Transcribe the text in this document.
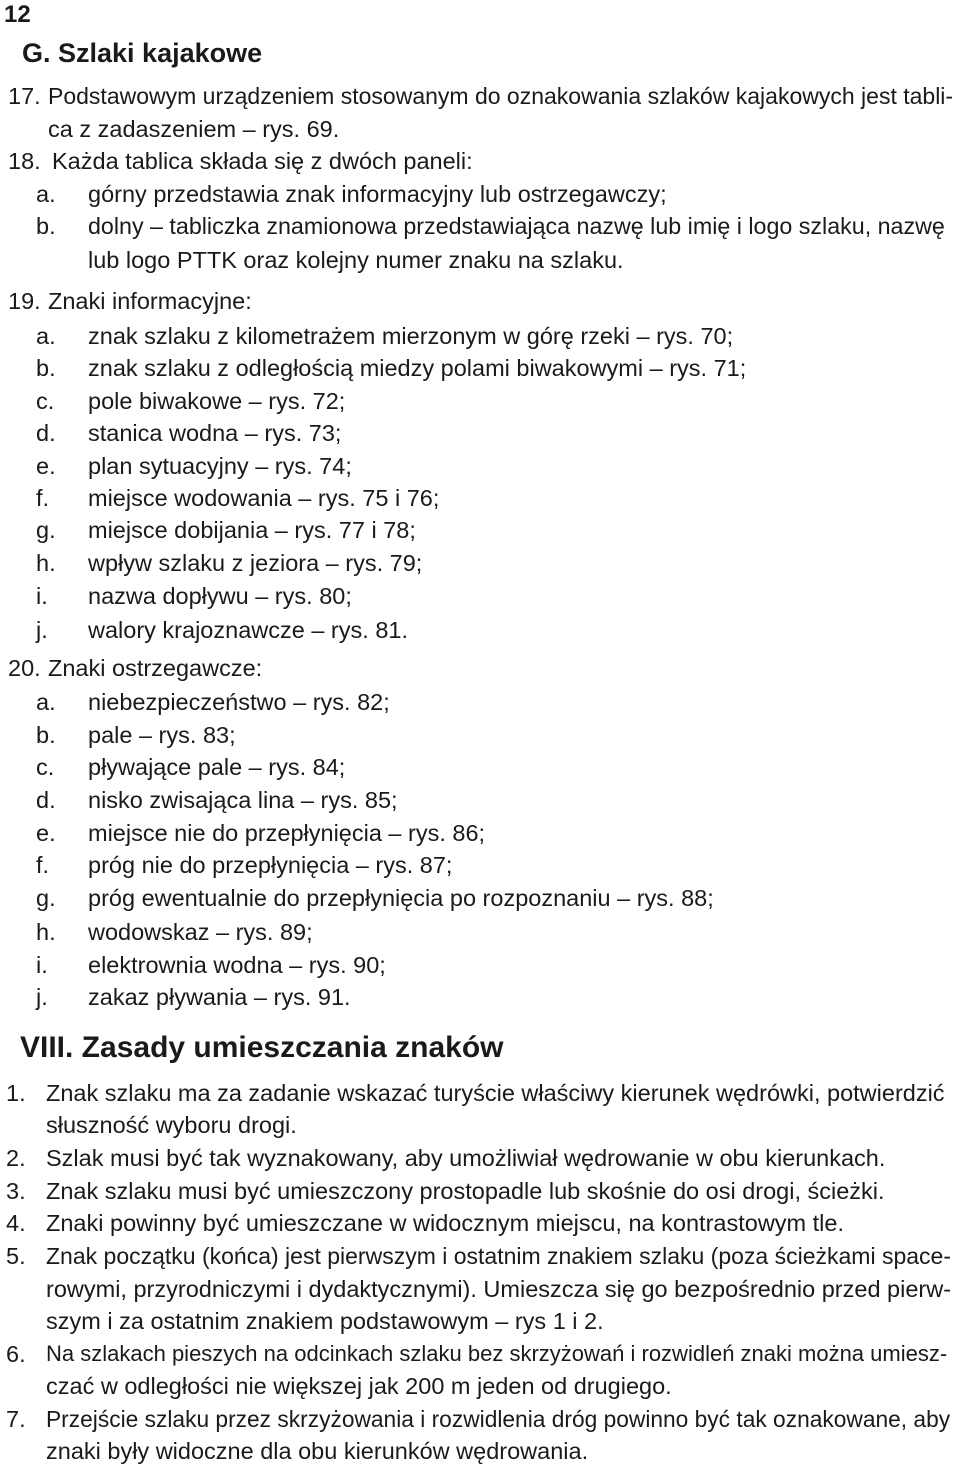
12
G. Szlaki kajakowe
17. Podstawowym urządzeniem stosowanym do oznakowania szlaków kajakowych jest tabli-
ca z zadaszeniem – rys. 69.
18. Każda tablica składa się z dwóch paneli:
a. górny przedstawia znak informacyjny lub ostrzegawczy;
b. dolny – tabliczka znamionowa przedstawiająca nazwę lub imię i logo szlaku, nazwę
lub logo PTTK oraz kolejny numer znaku na szlaku.
19. Znaki informacyjne:
a. znak szlaku z kilometrażem mierzonym w górę rzeki – rys. 70;
b. znak szlaku z odległością miedzy polami biwakowymi – rys. 71;
c. pole biwakowe – rys. 72;
d. stanica wodna – rys. 73;
e. plan sytuacyjny – rys. 74;
f. miejsce wodowania – rys. 75 i 76;
g. miejsce dobijania – rys. 77 i 78;
h. wpływ szlaku z jeziora – rys. 79;
i. nazwa dopływu – rys. 80;
j. walory krajoznawcze – rys. 81.
20. Znaki ostrzegawcze:
a. niebezpieczeństwo – rys. 82;
b. pale – rys. 83;
c. pływające pale – rys. 84;
d. nisko zwisająca lina – rys. 85;
e. miejsce nie do przepłynięcia – rys. 86;
f. próg nie do przepłynięcia – rys. 87;
g. próg ewentualnie do przepłynięcia po rozpoznaniu – rys. 88;
h. wodowskaz – rys. 89;
i. elektrownia wodna – rys. 90;
j. zakaz pływania – rys. 91.
VIII. Zasady umieszczania znaków
1. Znak szlaku ma za zadanie wskazać turyście właściwy kierunek wędrówki, potwierdzić
słuszność wyboru drogi.
2. Szlak musi być tak wyznakowany, aby umożliwiał wędrowanie w obu kierunkach.
3. Znak szlaku musi być umieszczony prostopadle lub skośnie do osi drogi, ścieżki.
4. Znaki powinny być umieszczane w widocznym miejscu, na kontrastowym tle.
5. Znak początku (końca) jest pierwszym i ostatnim znakiem szlaku (poza ścieżkami space-
rowymi, przyrodniczymi i dydaktycznymi). Umieszcza się go bezpośrednio przed pierw-
szym i za ostatnim znakiem podstawowym – rys 1 i 2.
6. Na szlakach pieszych na odcinkach szlaku bez skrzyżowań i rozwidleń znaki można umiesz-
czać w odległości nie większej jak 200 m jeden od drugiego.
7. Przejście szlaku przez skrzyżowania i rozwidlenia dróg powinno być tak oznakowane, aby
znaki były widoczne dla obu kierunków wędrowania.
